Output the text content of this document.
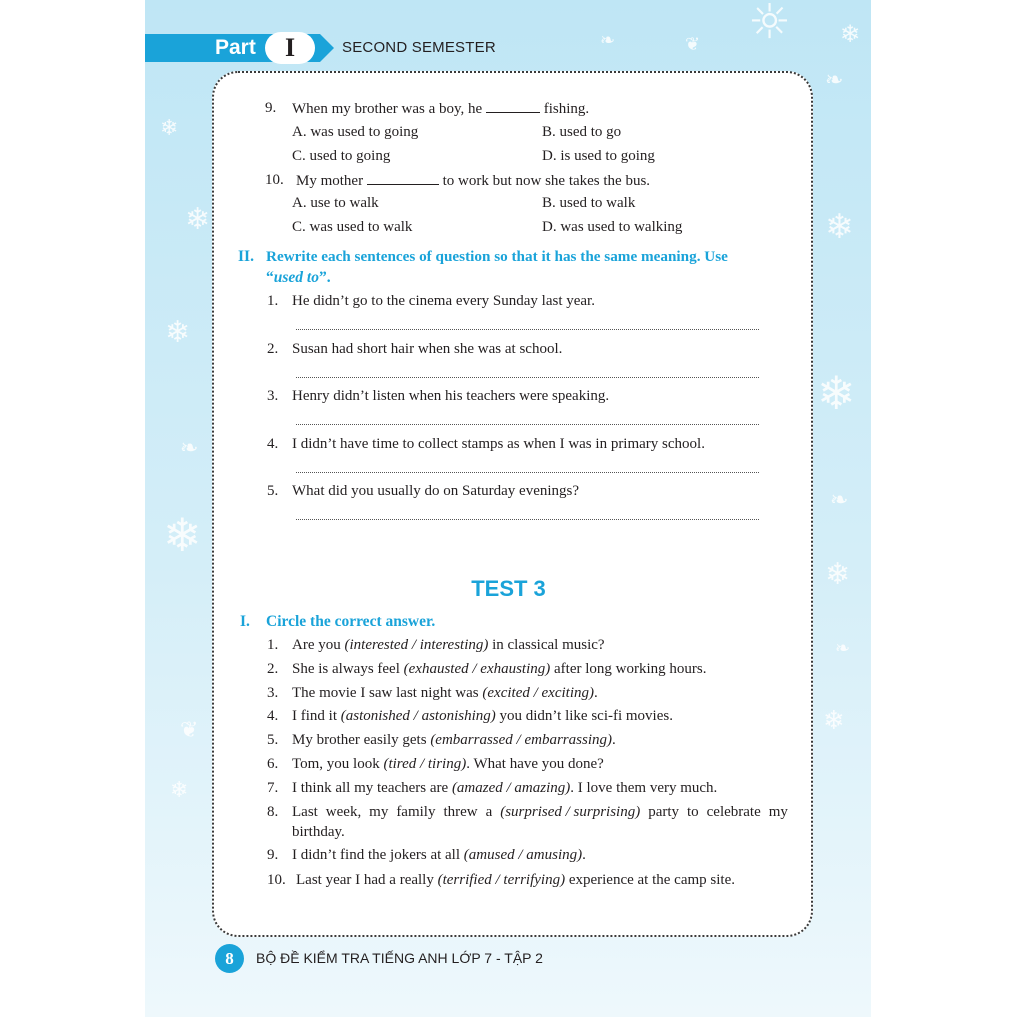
☼ ❄
❦
❧
❄
❄
❄
❧
❄
❄
❧
❄
❧
❄
❄
❦
❄
❧
Part	I	SECOND SEMESTER
9. When my brother was a boy, he	fishing.
A. was used to going	B. used to go
C. used to going	D. is used to going
10. My mother	to work but now she takes the bus.
A. use to walk	B. used to walk
C. was used to walk	D. was used to walking
II. Rewrite each sentences of question so that it has the same meaning. Use
“used to”.
1. He didn’t go to the cinema every Sunday last year.
2. Susan had short hair when she was at school.
3. Henry didn’t listen when his teachers were speaking.
4. I didn’t have time to collect stamps as when I was in primary school.
5. What did you usually do on Saturday evenings?
TEST 3
I. Circle the correct answer.
1. Are you (interested / interesting) in classical music?
2. She is always feel (exhausted / exhausting) after long working hours.
3. The movie I saw last night was (excited / exciting).
4. I find it (astonished / astonishing) you didn’t like sci-fi movies.
5. My brother easily gets (embarrassed / embarrassing).
6. Tom, you look (tired / tiring). What have you done?
7. I think all my teachers are (amazed / amazing). I love them very much.
8. Last week, my family threw a (surprised / surprising) party to celebrate my
birthday.
9. I didn’t find the jokers at all (amused / amusing).
10. Last year I had a really (terrified / terrifying) experience at the camp site.
8	BỘ ĐỀ KIỂM TRA TIẾNG ANH LỚP 7 - TẬP 2
